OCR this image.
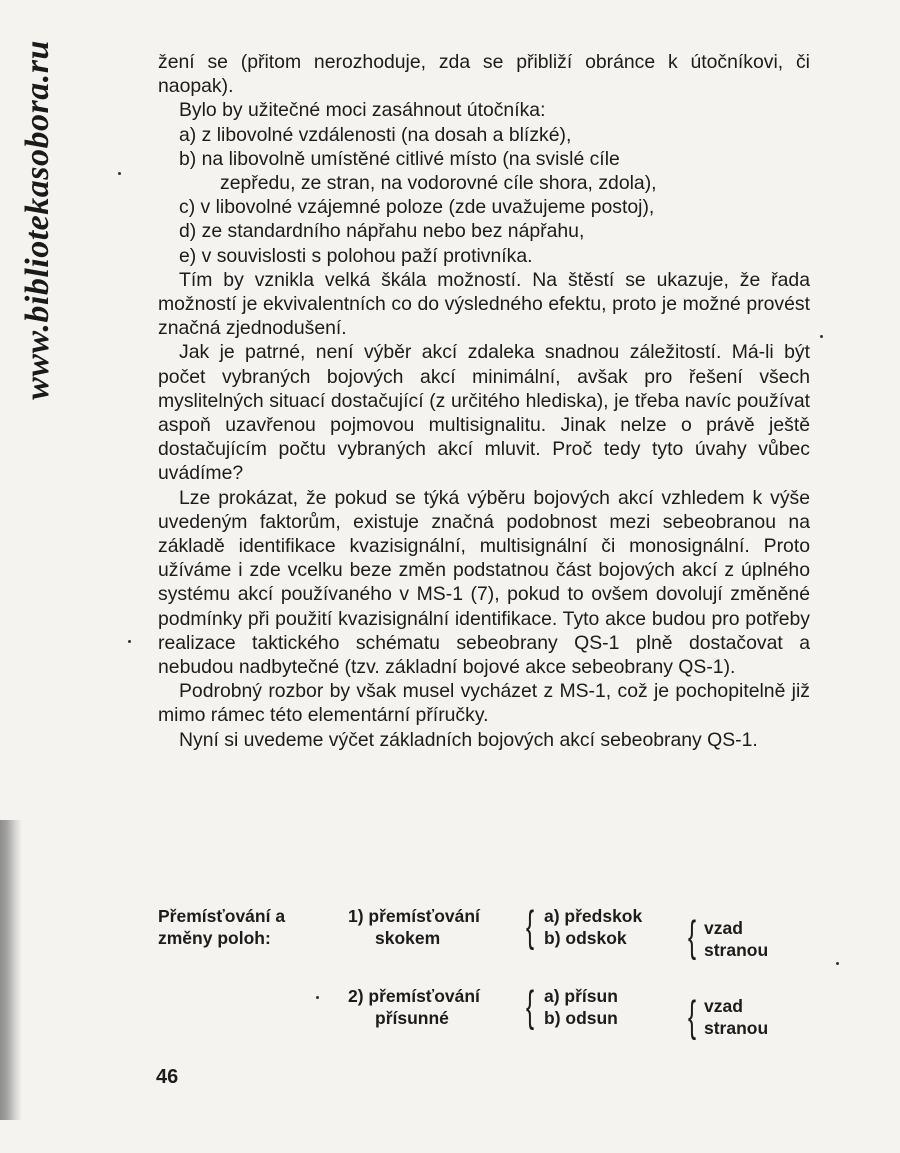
www.bibliotekasobora.ru	žení se (přitom nerozhoduje, zda se přibliží obránce k útočníkovi, či naopak).

Bylo by užitečné moci zasáhnout útočníka:

a) z libovolné vzdálenosti (na dosah a blízké),

b) na libovolně umístěné citlivé místo (na svislé cíle

zepředu, ze stran, na vodorovné cíle shora, zdola),

c) v libovolné vzájemné poloze (zde uvažujeme postoj),

d) ze standardního nápřahu nebo bez nápřahu,

e) v souvislosti s polohou paží protivníka.

Tím by vznikla velká škála možností. Na štěstí se ukazuje, že řada možností je ekvivalentních co do výsledného efektu, proto je možné provést značná zjednodušení.

Jak je patrné, není výběr akcí zdaleka snadnou záležitostí. Má-li být počet vybraných bojových akcí minimální, avšak pro řešení všech myslitelných situací dostačující (z určitého hlediska), je třeba navíc používat aspoň uzavřenou pojmovou multisignalitu. Jinak nelze o právě ještě dostačujícím počtu vybraných akcí mluvit. Proč tedy tyto úvahy vůbec uvádíme?

Lze prokázat, že pokud se týká výběru bojových akcí vzhledem k výše uvedeným faktorům, existuje značná podobnost mezi sebeobranou na základě identifikace kvazisignální, multisignální či monosignální. Proto užíváme i zde vcelku beze změn podstatnou část bojových akcí z úplného systému akcí používaného v MS-1 (7), pokud to ovšem dovolují změněné podmínky při použití kvazisignální identifikace. Tyto akce budou pro potřeby realizace taktického schématu sebeobrany QS-1 plně dostačovat a nebudou nadbytečné (tzv. základní bojové akce sebeobrany QS-1).

Podrobný rozbor by však musel vycházet z MS-1, což je pochopitelně již mimo rámec této elementární příručky.

Nyní si uvedeme výčet základních bojových akcí sebeobrany QS-1.

Přemísťování a
změny poloh:
1) přemísťování
skokem { a) předskok
b) odskok { vzad
stranou
2) přemísťování
přísunné { a) přísun
b) odsun { vzad
stranou
46
